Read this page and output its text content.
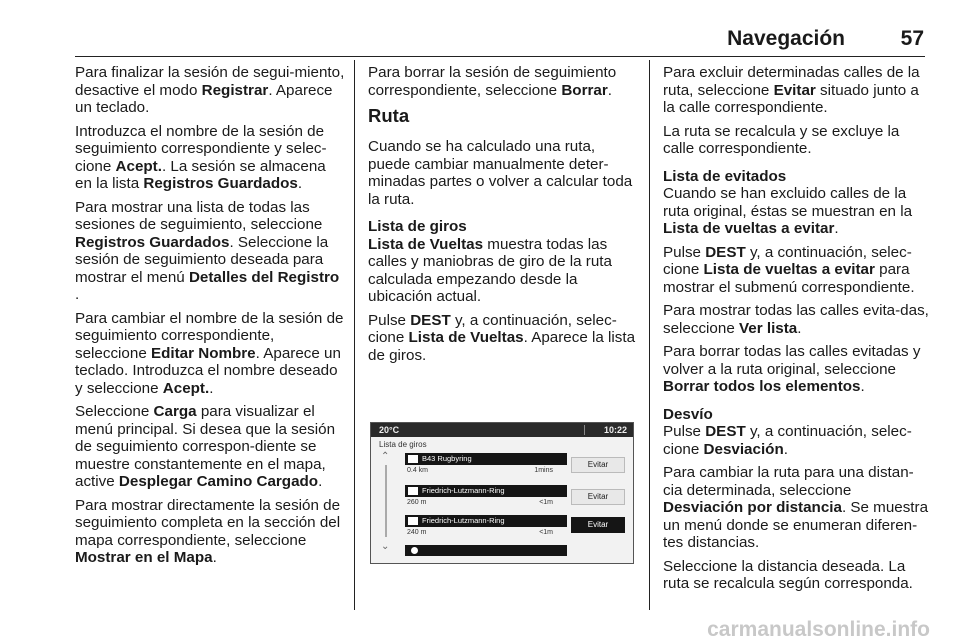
Navegación	57

Para finalizar la sesión de segui-miento, desactive el modo Registrar. Aparece un teclado.

Introduzca el nombre de la sesión de seguimiento correspondiente y selec-cione Acept.. La sesión se almacena en la lista Registros Guardados.

Para mostrar una lista de todas las sesiones de seguimiento, seleccione Registros Guardados. Seleccione la sesión de seguimiento deseada para mostrar el menú Detalles del Registro .

Para cambiar el nombre de la sesión de seguimiento correspondiente, seleccione Editar Nombre. Aparece un teclado. Introduzca el nombre deseado y seleccione Acept..

Seleccione Carga para visualizar el menú principal. Si desea que la sesión de seguimiento correspon-diente se muestre constantemente en el mapa, active Desplegar Camino Cargado.

Para mostrar directamente la sesión de seguimiento completa en la sección del mapa correspondiente, seleccione Mostrar en el Mapa.

Para borrar la sesión de seguimiento correspondiente, seleccione Borrar.

Ruta

Cuando se ha calculado una ruta, puede cambiar manualmente deter-minadas partes o volver a calcular toda la ruta.

Lista de giros

Lista de Vueltas muestra todas las calles y maniobras de giro de la ruta calculada empezando desde la ubicación actual.

Pulse DEST y, a continuación, selec-cione Lista de Vueltas. Aparece la lista de giros.

20°C	10:22
Lista de giros
⌃
⌄
B43 Rugbyring
0.4 km	1mins
Evitar
Friedrich-Lutzmann-Ring
260 m	<1m
Evitar
Friedrich-Lutzmann-Ring
240 m	<1m
Evitar

Para excluir determinadas calles de la ruta, seleccione Evitar situado junto a la calle correspondiente.

La ruta se recalcula y se excluye la calle correspondiente.

Lista de evitados

Cuando se han excluido calles de la ruta original, éstas se muestran en la Lista de vueltas a evitar.

Pulse DEST y, a continuación, selec-cione Lista de vueltas a evitar para mostrar el submenú correspondiente.

Para mostrar todas las calles evita-das, seleccione Ver lista.

Para borrar todas las calles evitadas y volver a la ruta original, seleccione Borrar todos los elementos.

Desvío

Pulse DEST y, a continuación, selec-cione Desviación.

Para cambiar la ruta para una distan-cia determinada, seleccione Desviación por distancia. Se muestra un menú donde se enumeran diferen-tes distancias.

Seleccione la distancia deseada. La ruta se recalcula según corresponda.

carmanualsonline.info
